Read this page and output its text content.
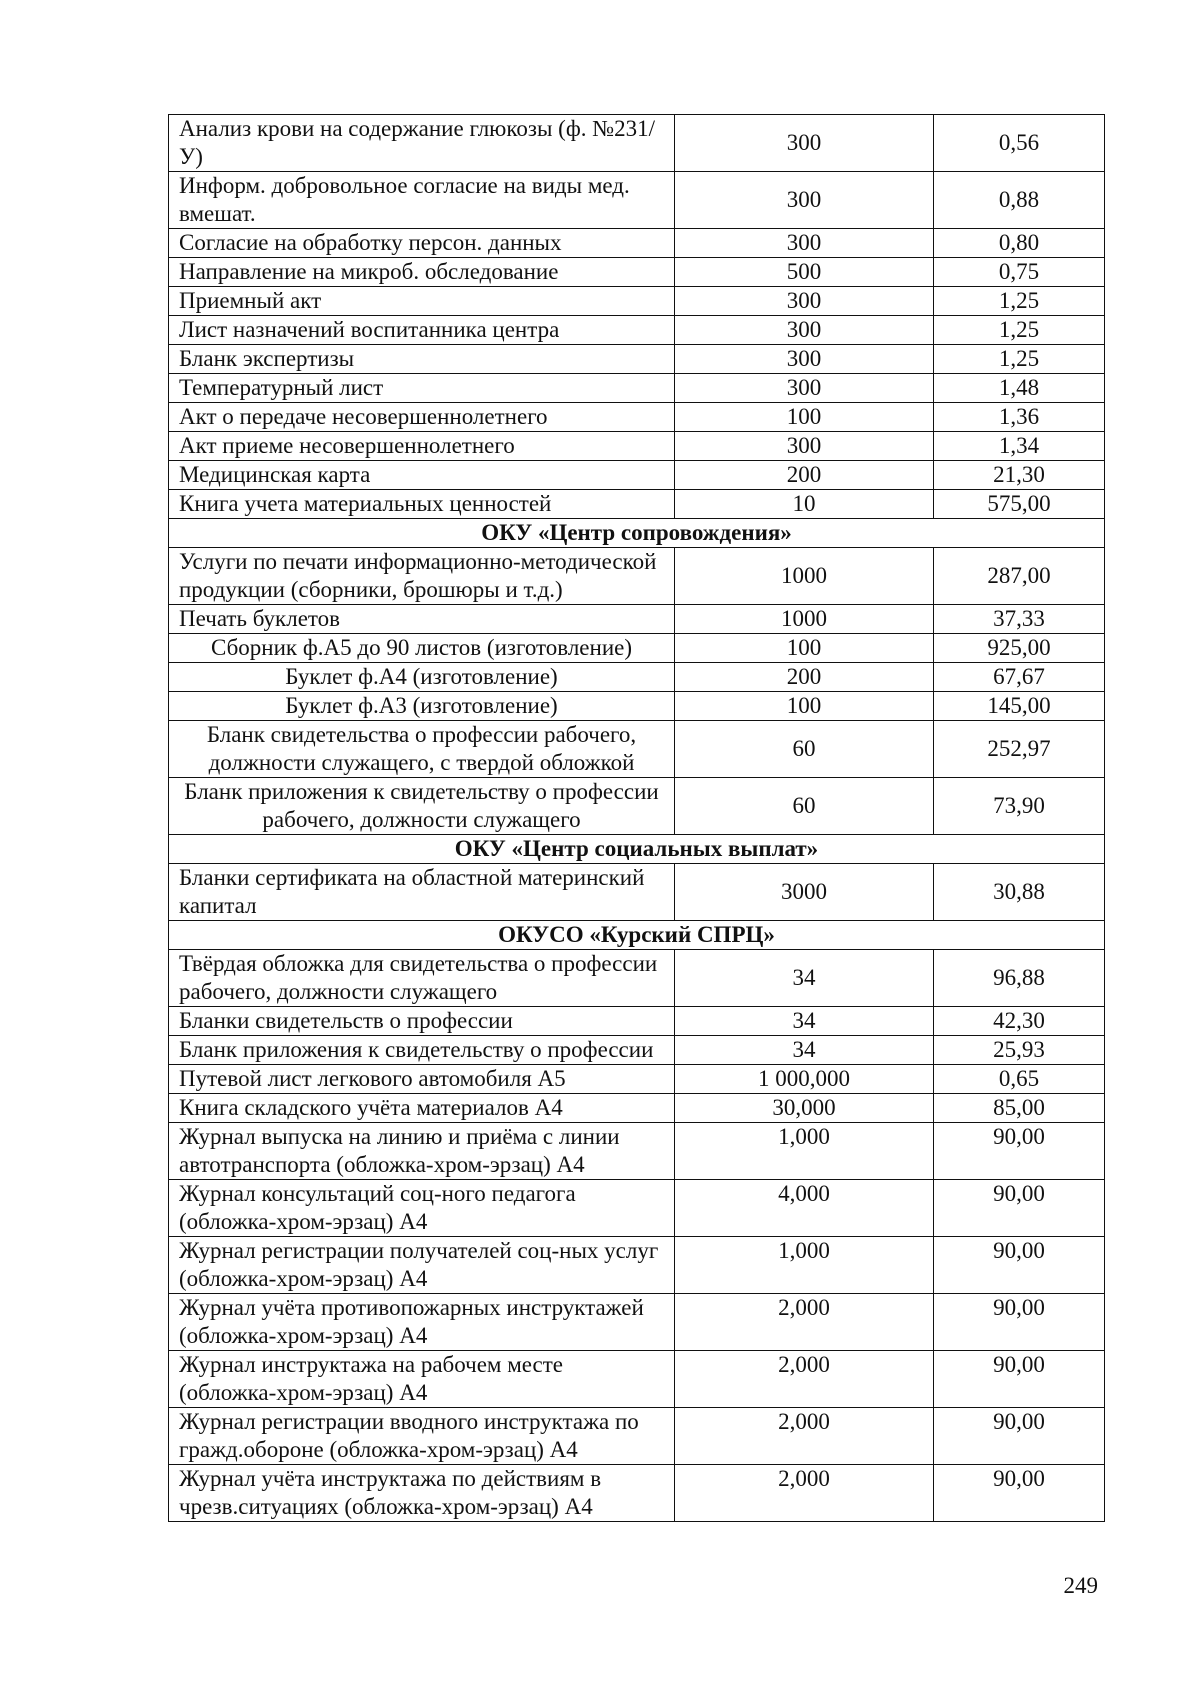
Анализ крови на содержание глюкозы (ф. №231/У)	300	0,56
Информ. добровольное согласие на виды мед. вмешат.	300	0,88
Согласие на обработку персон. данных	300	0,80
Направление на микроб. обследование	500	0,75
Приемный акт	300	1,25
Лист назначений воспитанника центра	300	1,25
Бланк экспертизы	300	1,25
Температурный лист	300	1,48
Акт о передаче несовершеннолетнего	100	1,36
Акт приеме несовершеннолетнего	300	1,34
Медицинская карта	200	21,30
Книга учета материальных ценностей	10	575,00
ОКУ «Центр сопровождения»		
Услуги по печати информационно-методической продукции (сборники, брошюры и т.д.)	1000	287,00
Печать буклетов	1000	37,33
Сборник ф.А5 до 90 листов (изготовление)	100	925,00
Буклет ф.А4 (изготовление)	200	67,67
Буклет ф.А3 (изготовление)	100	145,00
Бланк свидетельства о профессии рабочего, должности служащего, с твердой обложкой	60	252,97
Бланк приложения к свидетельству о профессии рабочего, должности служащего	60	73,90
ОКУ «Центр социальных выплат»		
Бланки сертификата на областной материнский капитал	3000	30,88
ОКУСО «Курский СПРЦ»		
Твёрдая обложка для свидетельства о профессии рабочего, должности служащего	34	96,88
Бланки свидетельств о профессии	34	42,30
Бланк приложения к свидетельству о профессии	34	25,93
Путевой лист легкового автомобиля А5	1 000,000	0,65
Книга складского учёта материалов А4	30,000	85,00
Журнал выпуска на линию и приёма с линии автотранспорта (обложка-хром-эрзац) А4	1,000	90,00
Журнал консультаций соц-ного педагога (обложка-хром-эрзац) А4	4,000	90,00
Журнал регистрации получателей соц-ных услуг (обложка-хром-эрзац) А4	1,000	90,00
Журнал учёта противопожарных инструктажей (обложка-хром-эрзац) А4	2,000	90,00
Журнал инструктажа на рабочем месте (обложка-хром-эрзац) А4	2,000	90,00
Журнал регистрации вводного инструктажа по гражд.обороне (обложка-хром-эрзац) А4	2,000	90,00
Журнал учёта инструктажа по действиям в чрезв.ситуациях (обложка-хром-эрзац) А4	2,000	90,00
249
